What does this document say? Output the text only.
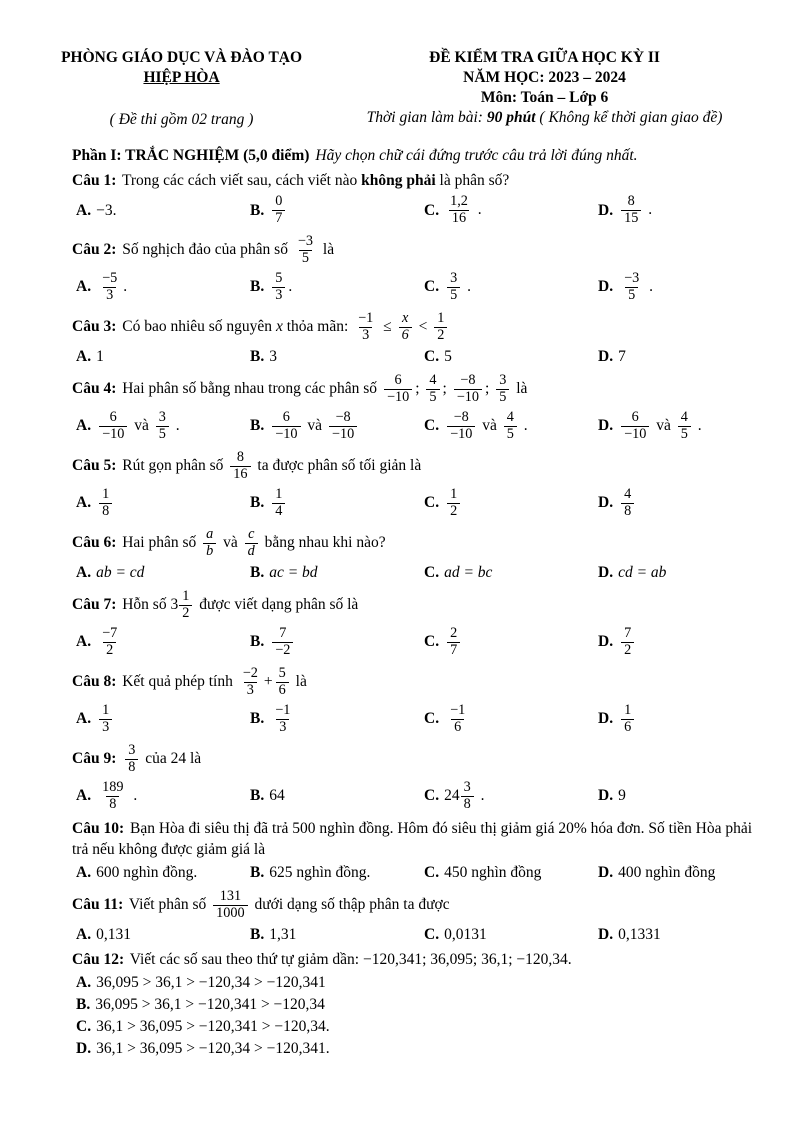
PHÒNG GIÁO DỤC VÀ ĐÀO TẠO
HIỆP HÒA
( Đề thi gồm 02 trang )
ĐỀ KIỂM TRA GIỮA HỌC KỲ II
NĂM HỌC: 2023 – 2024
Môn: Toán – Lớp 6
Thời gian làm bài: 90 phút ( Không kể thời gian giao đề)
Phần I: TRẮC NGHIỆM (5,0 điểm) Hãy chọn chữ cái đứng trước câu trả lời đúng nhất.
Câu 1: Trong các cách viết sau, cách viết nào không phải là phân số?
A. −3.	B. $\frac{0}{7}$	C. $\frac{1,2}{16}$ .	D. $\frac{8}{15}$ .
Câu 2: Số nghịch đảo của phân số $\frac{-3}{5}$ là
A. $\frac{-5}{3}$ .	B. $\frac{5}{3}$ .	C. $\frac{3}{5}$ .	D. $\frac{-3}{5}$ .
Câu 3: Có bao nhiêu số nguyên x thỏa mãn: $\frac{-1}{3} \le \frac{x}{6} < \frac{1}{2}$
A. 1	B. 3	C. 5	D. 7
Câu 4: Hai phân số bằng nhau trong các phân số $\frac{6}{-10}$ ; $\frac{4}{5}$ ; $\frac{-8}{-10}$ ; $\frac{3}{5}$ là
A. $\frac{6}{-10}$ và $\frac{3}{5}$ .	B. $\frac{6}{-10}$ và $\frac{-8}{-10}$	C. $\frac{-8}{-10}$ và $\frac{4}{5}$ .	D. $\frac{6}{-10}$ và $\frac{4}{5}$ .
Câu 5: Rút gọn phân số $\frac{8}{16}$ ta được phân số tối giản là
A. $\frac{1}{8}$	B. $\frac{1}{4}$	C. $\frac{1}{2}$	D. $\frac{4}{8}$
Câu 6: Hai phân số $\frac{a}{b}$ và $\frac{c}{d}$ bằng nhau khi nào?
A. ab = cd	B. ac = bd	C. ad = bc	D. cd = ab
Câu 7: Hỗn số $3 \frac{1}{2}$ được viết dạng phân số là
A. $\frac{-7}{2}$	B. $\frac{7}{-2}$	C. $\frac{2}{7}$	D. $\frac{7}{2}$
Câu 8: Kết quả phép tính $\frac{-2}{3} + \frac{5}{6}$ là
A. $\frac{1}{3}$	B. $\frac{-1}{3}$	C. $\frac{-1}{6}$	D. $\frac{1}{6}$
Câu 9: $\frac{3}{8}$ của 24 là
A. $\frac{189}{8}$ .	B. 64	C. $24 \frac{3}{8}$ .	D. 9
Câu 10: Bạn Hòa đi siêu thị đã trả 500 nghìn đồng. Hôm đó siêu thị giảm giá 20% hóa đơn. Số tiền Hòa phải trả nếu không được giảm giá là
A. 600 nghìn đồng.	B. 625 nghìn đồng.	C. 450 nghìn đồng	D. 400 nghìn đồng
Câu 11: Viết phân số $\frac{131}{1000}$ dưới dạng số thập phân ta được
A. 0,131	B. 1,31	C. 0,0131	D. 0,1331
Câu 12: Viết các số sau theo thứ tự giảm dần: −120,341; 36,095; 36,1; −120,34.
A. 36,095 > 36,1 > −120,34 > −120,341
B. 36,095 > 36,1 > −120,341 > −120,34
C. 36,1 > 36,095 > −120,341 > −120,34.
D. 36,1 > 36,095 > −120,34 > −120,341.
